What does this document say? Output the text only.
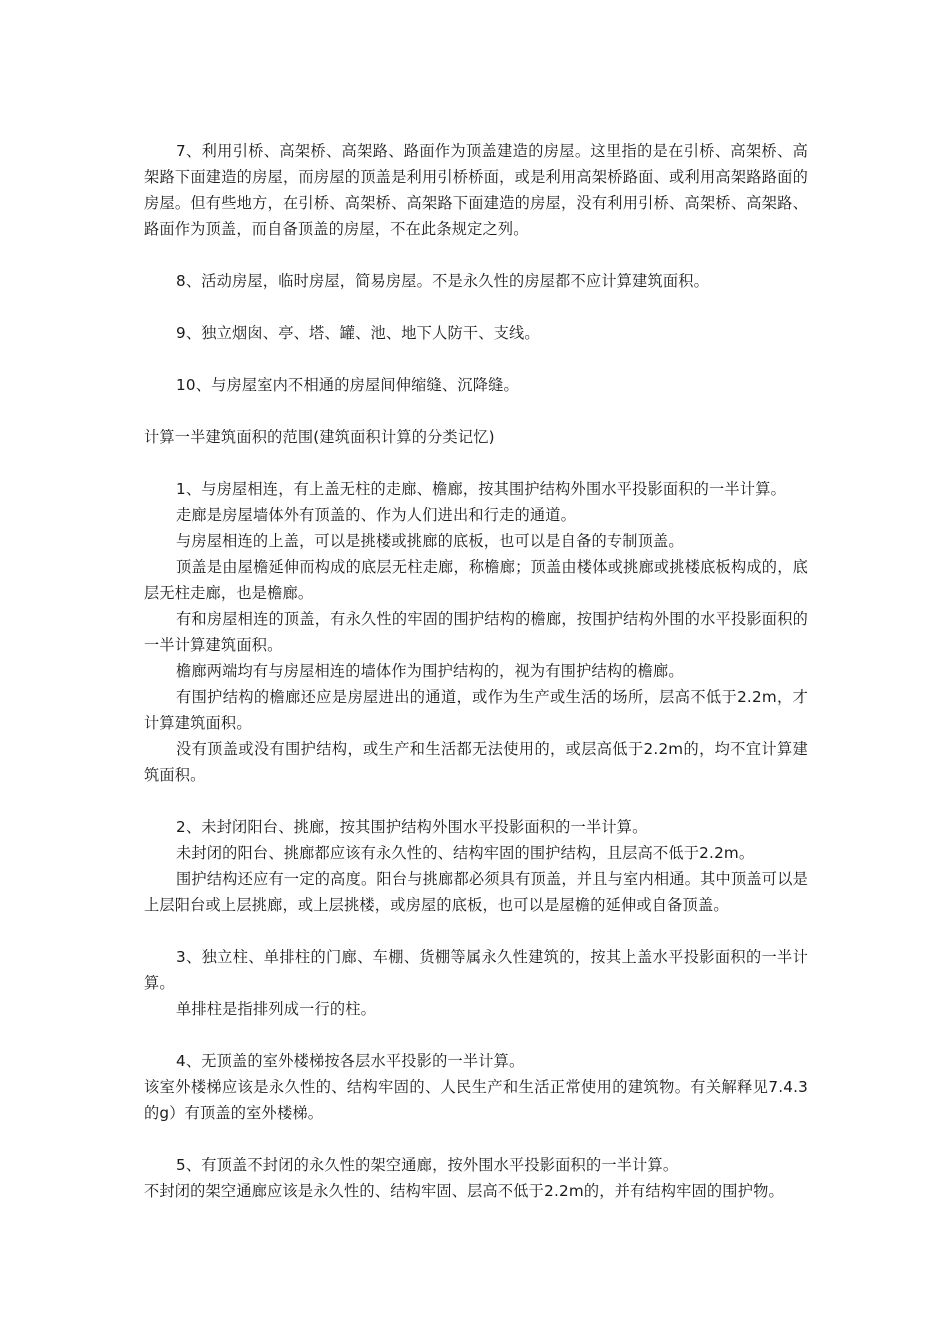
7、利用引桥、高架桥、高架路、路面作为顶盖建造的房屋。这里指的是在引桥、高架桥、高架路下面建造的房屋，而房屋的顶盖是利用引桥桥面，或是利用高架桥路面、或利用高架路路面的房屋。但有些地方，在引桥、高架桥、高架路下面建造的房屋，没有利用引桥、高架桥、高架路、路面作为顶盖，而自备顶盖的房屋，不在此条规定之列。

8、活动房屋，临时房屋，简易房屋。不是永久性的房屋都不应计算建筑面积。

9、独立烟囱、亭、塔、罐、池、地下人防干、支线。

10、与房屋室内不相通的房屋间伸缩缝、沉降缝。

计算一半建筑面积的范围(建筑面积计算的分类记忆)

1、与房屋相连，有上盖无柱的走廊、檐廊，按其围护结构外围水平投影面积的一半计算。

走廊是房屋墙体外有顶盖的、作为人们进出和行走的通道。

与房屋相连的上盖，可以是挑楼或挑廊的底板，也可以是自备的专制顶盖。

顶盖是由屋檐延伸而构成的底层无柱走廊，称檐廊；顶盖由楼体或挑廊或挑楼底板构成的，底层无柱走廊，也是檐廊。

有和房屋相连的顶盖，有永久性的牢固的围护结构的檐廊，按围护结构外围的水平投影面积的一半计算建筑面积。

檐廊两端均有与房屋相连的墙体作为围护结构的，视为有围护结构的檐廊。

有围护结构的檐廊还应是房屋进出的通道，或作为生产或生活的场所，层高不低于2.2m，才计算建筑面积。

没有顶盖或没有围护结构，或生产和生活都无法使用的，或层高低于2.2m的，均不宜计算建筑面积。

2、未封闭阳台、挑廊，按其围护结构外围水平投影面积的一半计算。

未封闭的阳台、挑廊都应该有永久性的、结构牢固的围护结构，且层高不低于2.2m。

围护结构还应有一定的高度。阳台与挑廊都必须具有顶盖，并且与室内相通。其中顶盖可以是上层阳台或上层挑廊，或上层挑楼，或房屋的底板，也可以是屋檐的延伸或自备顶盖。

3、独立柱、单排柱的门廊、车棚、货棚等属永久性建筑的，按其上盖水平投影面积的一半计算。

单排柱是指排列成一行的柱。

4、无顶盖的室外楼梯按各层水平投影的一半计算。

该室外楼梯应该是永久性的、结构牢固的、人民生产和生活正常使用的建筑物。有关解释见7.4.3的g）有顶盖的室外楼梯。

5、有顶盖不封闭的永久性的架空通廊，按外围水平投影面积的一半计算。

不封闭的架空通廊应该是永久性的、结构牢固、层高不低于2.2m的，并有结构牢固的围护物。
